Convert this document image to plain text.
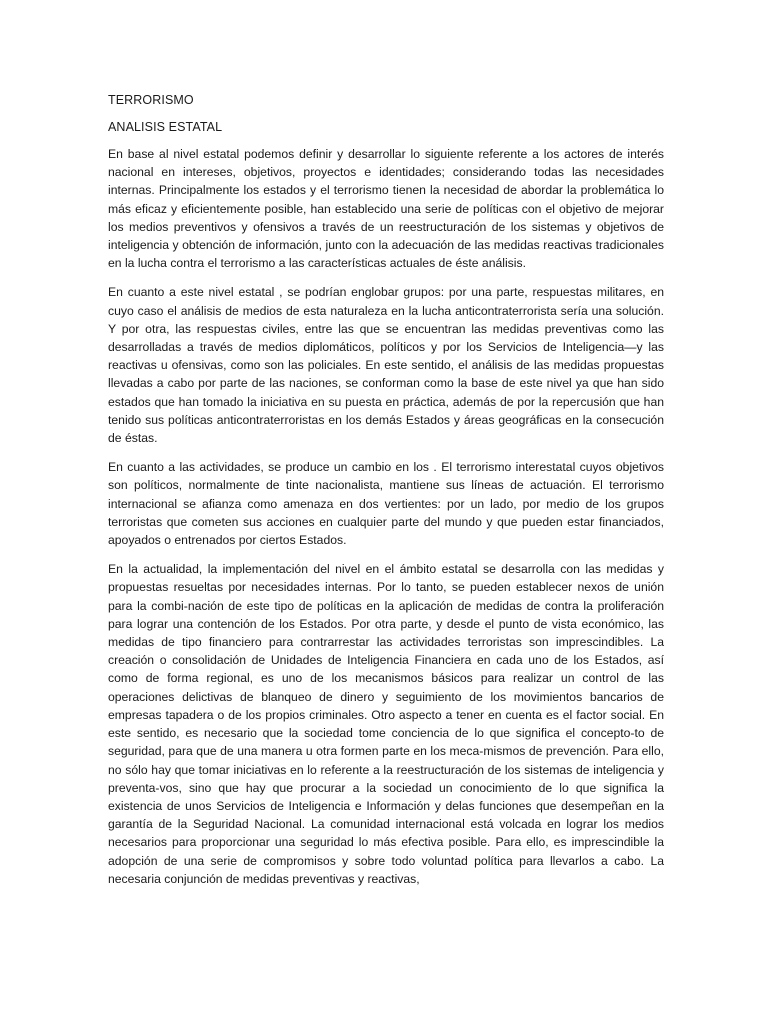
TERRORISMO
ANALISIS ESTATAL

En base al nivel estatal podemos definir y desarrollar lo siguiente referente a los actores de interés nacional en intereses, objetivos, proyectos e identidades; considerando todas las necesidades internas. Principalmente los estados y el terrorismo tienen la necesidad de abordar la problemática lo más eficaz y eficientemente posible, han establecido una serie de políticas con el objetivo de mejorar los medios preventivos y ofensivos a través de un reestructuración de los sistemas y objetivos de inteligencia y obtención de información, junto con la adecuación de las medidas reactivas tradicionales en la lucha contra el terrorismo a las características actuales de éste análisis.

En cuanto a este nivel estatal , se podrían englobar grupos: por una parte, respuestas militares, en cuyo caso el análisis de medios de esta naturaleza en la lucha anticontraterrorista sería una solución. Y por otra, las respuestas civiles, entre las que se encuentran las medidas preventivas como las desarrolladas a través de medios diplomáticos, políticos y por los Servicios de Inteligencia—y las reactivas u ofensivas, como son las policiales. En este sentido, el análisis de las medidas propuestas llevadas a cabo por parte de las naciones, se conforman como la base de este nivel ya que han sido estados que han tomado la iniciativa en su puesta en práctica, además de por la repercusión que han tenido sus políticas anticontraterroristas en los demás Estados y áreas geográficas en la consecución de éstas.

En cuanto a las actividades, se produce un cambio en los . El terrorismo interestatal cuyos objetivos son políticos, normalmente de tinte nacionalista, mantiene sus líneas de actuación. El terrorismo internacional se afianza como amenaza en dos vertientes: por un lado, por medio de los grupos terroristas que cometen sus acciones en cualquier parte del mundo y que pueden estar financiados, apoyados o entrenados por ciertos Estados.

En la actualidad, la implementación del nivel en el ámbito estatal se desarrolla con las medidas y propuestas resueltas por necesidades internas. Por lo tanto, se pueden establecer nexos de unión para la combi-nación de este tipo de políticas en la aplicación de medidas de contra la proliferación para lograr una contención de los Estados. Por otra parte, y desde el punto de vista económico, las medidas de tipo financiero para contrarrestar las actividades terroristas son imprescindibles. La creación o consolidación de Unidades de Inteligencia Financiera en cada uno de los Estados, así como de forma regional, es uno de los mecanismos básicos para realizar un control de las operaciones delictivas de blanqueo de dinero y seguimiento de los movimientos bancarios de empresas tapadera o de los propios criminales. Otro aspecto a tener en cuenta es el factor social. En este sentido, es necesario que la sociedad tome conciencia de lo que significa el concepto-to de seguridad, para que de una manera u otra formen parte en los meca-mismos de prevención. Para ello, no sólo hay que tomar iniciativas en lo referente a la reestructuración de los sistemas de inteligencia y preventa-vos, sino que hay que procurar a la sociedad un conocimiento de lo que significa la existencia de unos Servicios de Inteligencia e Información y delas funciones que desempeñan en la garantía de la Seguridad Nacional. La comunidad internacional está volcada en lograr los medios necesarios para proporcionar una seguridad lo más efectiva posible. Para ello, es imprescindible la adopción de una serie de compromisos y sobre todo voluntad política para llevarlos a cabo. La necesaria conjunción de medidas preventivas y reactivas,
